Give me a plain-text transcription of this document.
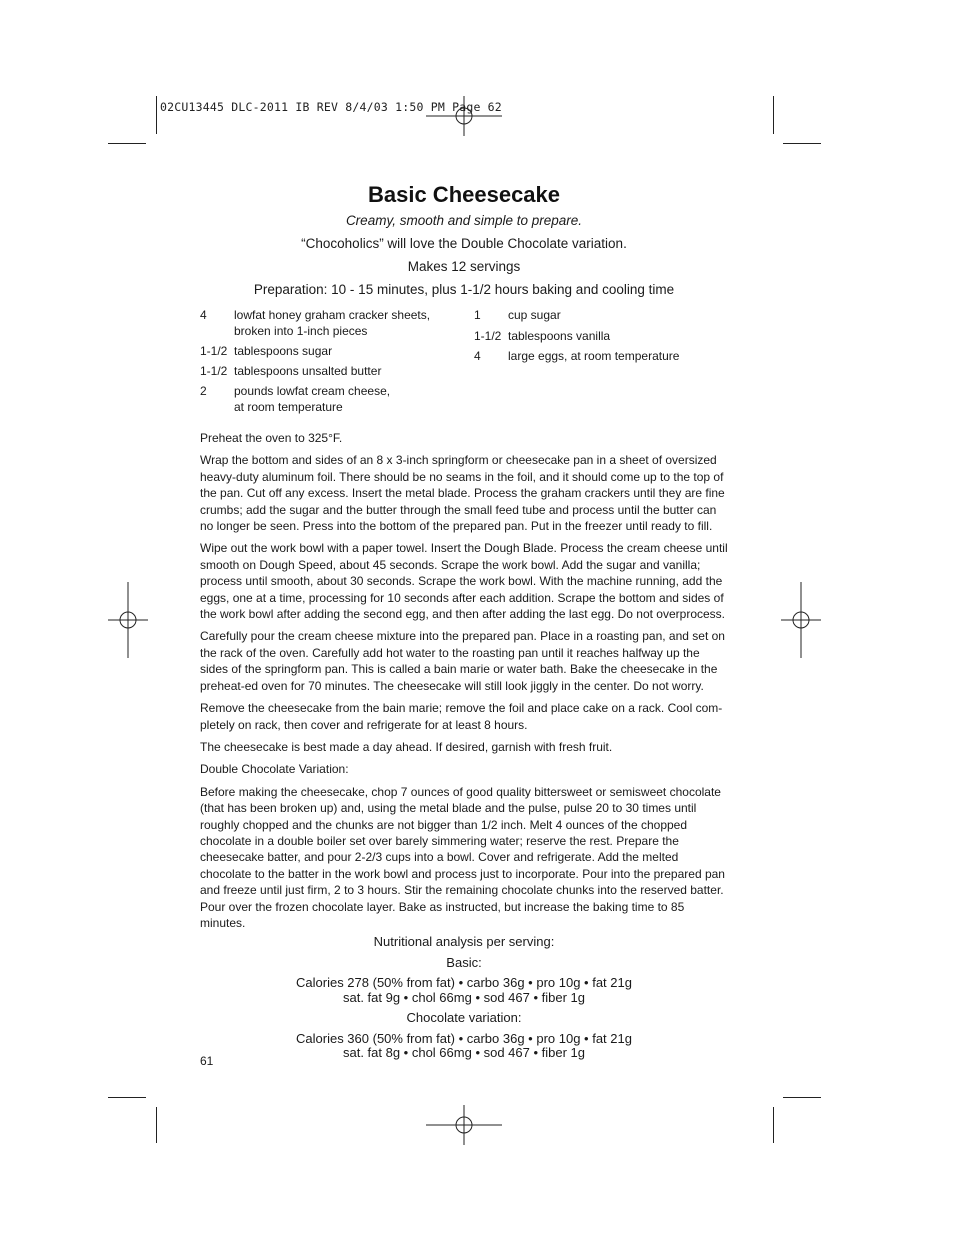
02CU13445 DLC-2011 IB REV 8/4/03 1:50 PM Page 62
Basic Cheesecake
Creamy, smooth and simple to prepare.
“Chocoholics” will love the Double Chocolate variation.
Makes 12 servings
Preparation: 10 - 15 minutes, plus 1-1/2 hours baking and cooling time
4 lowfat honey graham cracker sheets,
broken into 1-inch pieces
1-1/2 tablespoons sugar
1-1/2 tablespoons unsalted butter
2 pounds lowfat cream cheese,
at room temperature
1 cup sugar
1-1/2 tablespoons vanilla
4 large eggs, at room temperature

Preheat the oven to 325°F.

Wrap the bottom and sides of an 8 x 3-inch springform or cheesecake pan in a sheet of oversized heavy-duty aluminum foil. There should be no seams in the foil, and it should come up to the top of the pan. Cut off any excess. Insert the metal blade. Process the graham crackers until they are fine crumbs; add the sugar and the butter through the small feed tube and process until the butter can no longer be seen. Press into the bottom of the prepared pan. Put in the freezer until ready to fill.

Wipe out the work bowl with a paper towel. Insert the Dough Blade. Process the cream cheese until smooth on Dough Speed, about 45 seconds. Scrape the work bowl. Add the sugar and vanilla; process until smooth, about 30 seconds. Scrape the work bowl. With the machine running, add the eggs, one at a time, processing for 10 seconds after each addition. Scrape the bottom and sides of the work bowl after adding the second egg, and then after adding the last egg. Do not overprocess.

Carefully pour the cream cheese mixture into the prepared pan. Place in a roasting pan, and set on the rack of the oven. Carefully add hot water to the roasting pan until it reaches halfway up the sides of the springform pan. This is called a bain marie or water bath. Bake the cheesecake in the preheat-ed oven for 70 minutes. The cheesecake will still look jiggly in the center. Do not worry.

Remove the cheesecake from the bain marie; remove the foil and place cake on a rack. Cool com-pletely on rack, then cover and refrigerate for at least 8 hours.

The cheesecake is best made a day ahead. If desired, garnish with fresh fruit.

Double Chocolate Variation:

Before making the cheesecake, chop 7 ounces of good quality bittersweet or semisweet chocolate (that has been broken up) and, using the metal blade and the pulse, pulse 20 to 30 times until roughly chopped and the chunks are not bigger than 1/2 inch. Melt 4 ounces of the chopped chocolate in a double boiler set over barely simmering water; reserve the rest. Prepare the cheesecake batter, and pour 2-2/3 cups into a bowl. Cover and refrigerate. Add the melted chocolate to the batter in the work bowl and process just to incorporate. Pour into the prepared pan and freeze until just firm, 2 to 3 hours. Stir the remaining chocolate chunks into the reserved batter. Pour over the frozen chocolate layer. Bake as instructed, but increase the baking time to 85 minutes.

Nutritional analysis per serving:
Basic:
Calories 278 (50% from fat) • carbo 36g • pro 10g • fat 21g
sat. fat 9g • chol 66mg • sod 467 • fiber 1g
Chocolate variation:
Calories 360 (50% from fat) • carbo 36g • pro 10g • fat 21g
sat. fat 8g • chol 66mg • sod 467 • fiber 1g
61
